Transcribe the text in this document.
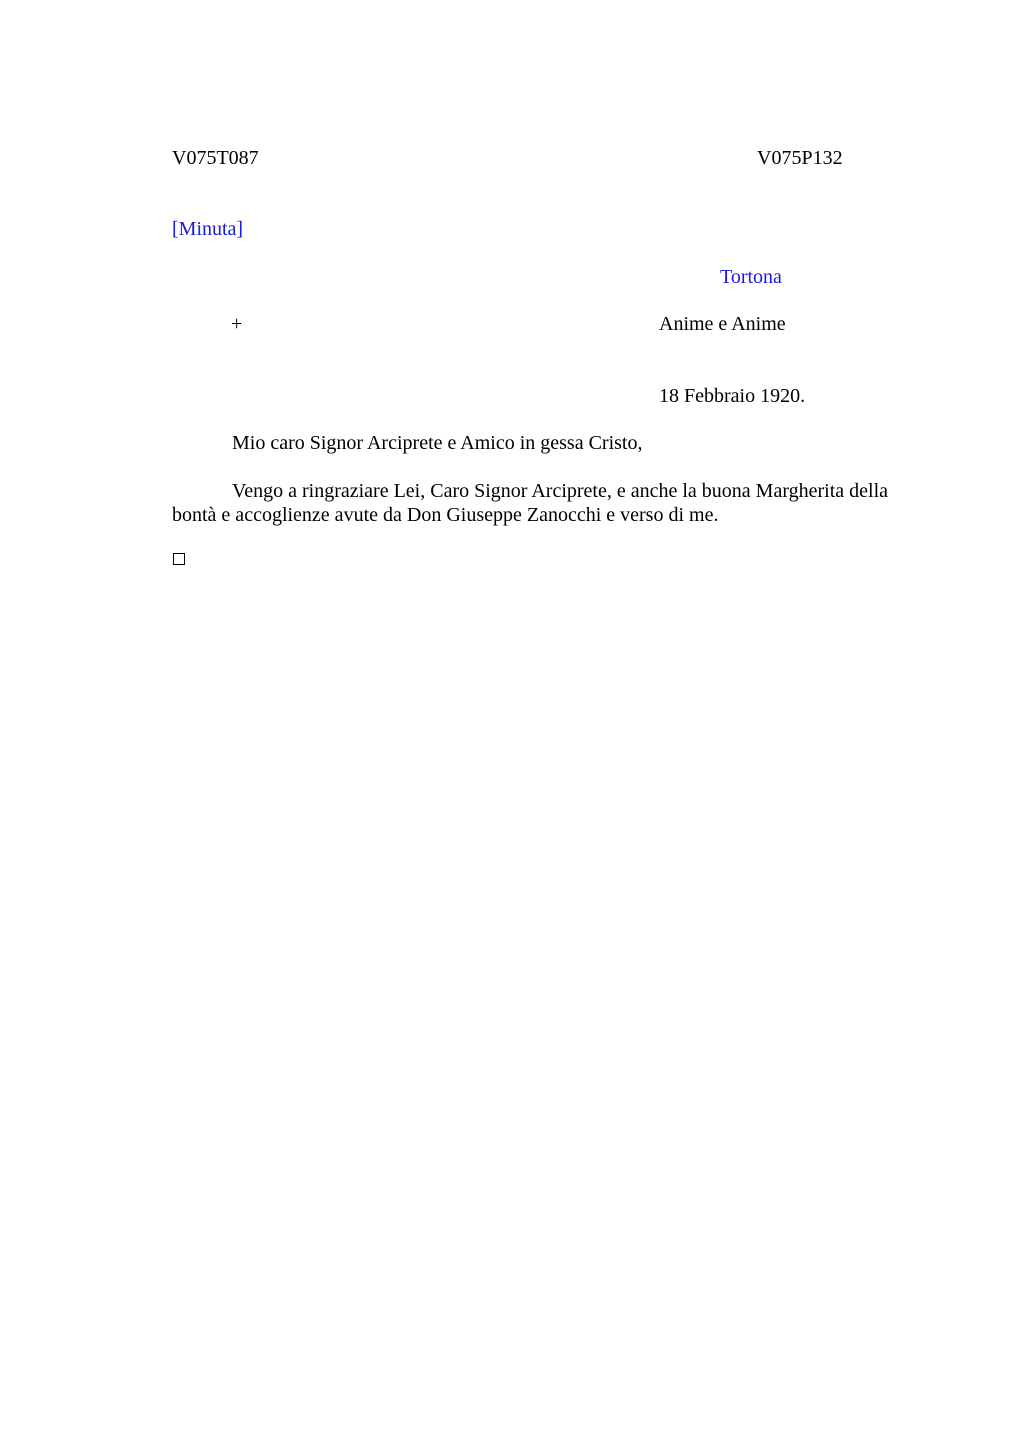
V075T087	V075P132
[Minuta]
Tortona
+	Anime e Anime
18 Febbraio 1920.
Mio caro Signor Arciprete e Amico in gessa Cristo,
Vengo a ringraziare Lei, Caro Signor Arciprete, e anche la buona Margherita della bontà e accoglienze avute da Don Giuseppe Zanocchi e verso di me.
